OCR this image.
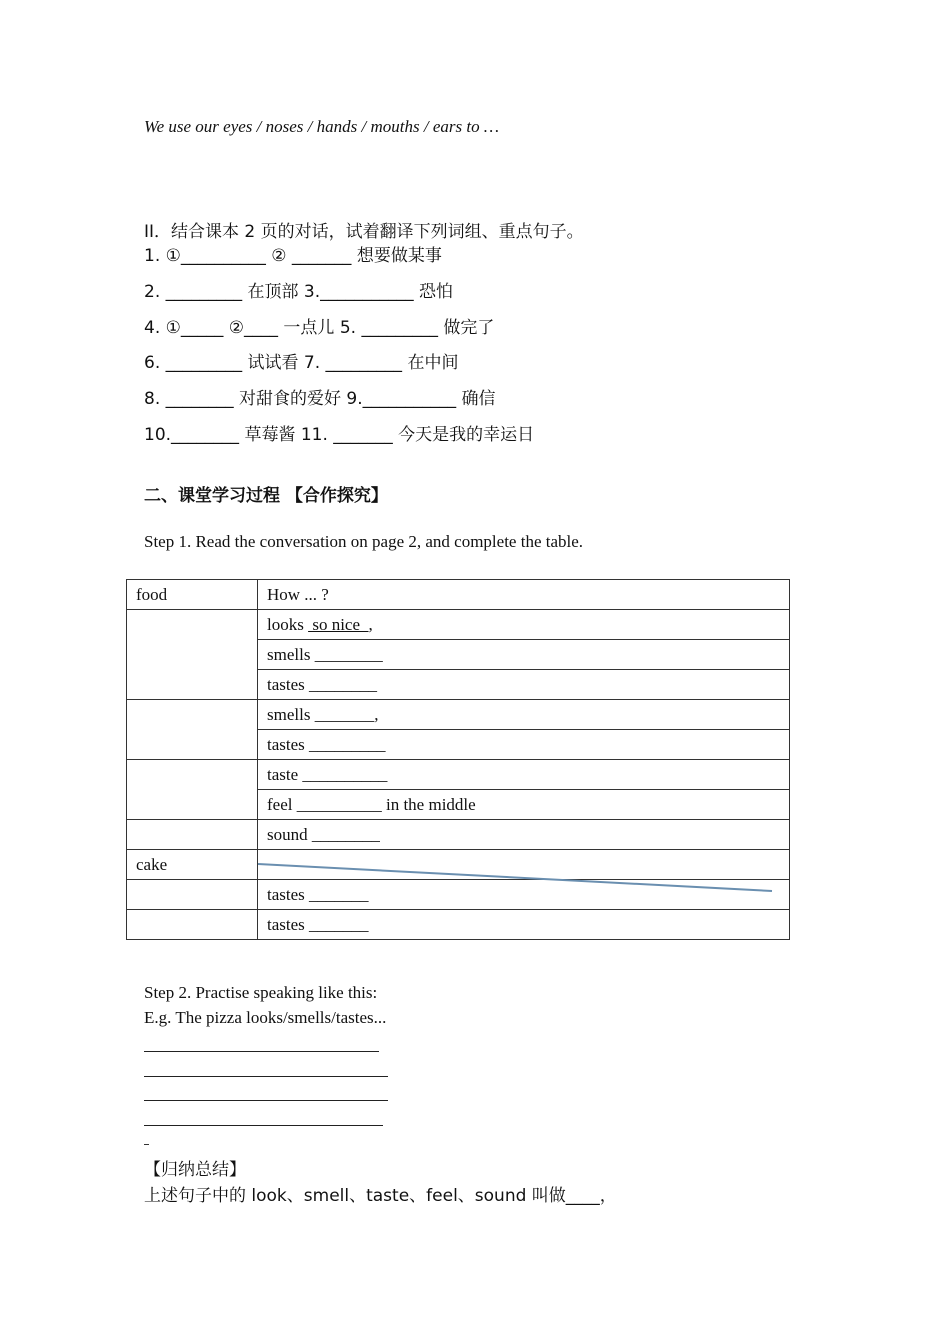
We use our eyes / noses / hands / mouths / ears to …
II．结合课本 2 页的对话，试着翻译下列词组、重点句子。
1. ①__________ ② _______ 想要做某事
2. _________ 在顶部 3.___________ 恐怕
4. ①_____ ②____ 一点儿 5. _________ 做完了
6. _________ 试试看 7. _________ 在中间
8. ________ 对甜食的爱好 9.___________ 确信
10.________ 草莓酱 11. _______ 今天是我的幸运日
二、课堂学习过程 【合作探究】
Step 1. Read the conversation on page 2, and complete the table.
food	How ... ?
	looks  so nice  ,
	smells ________
	tastes ________
	smells _______,
	tastes _________
	taste __________
	feel __________ in the middle
	sound ________
cake	
	tastes _______
	tastes _______
Step 2. Practise speaking like this:
E.g. The pizza looks/smells/tastes...
【归纳总结】
上述句子中的 look、smell、taste、feel、sound 叫做____，
